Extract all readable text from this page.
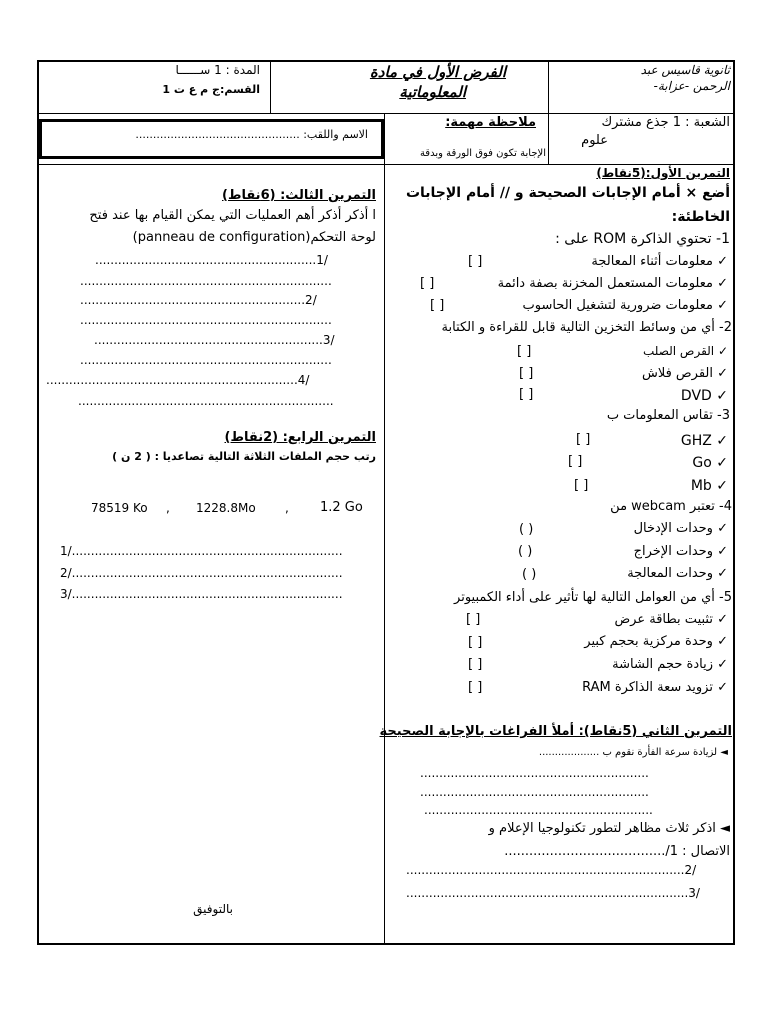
ثانوية قاسيس عبد
الرحمن -عزابة-
الفرض الأول في مادة
المعلوماتية
المدة : 1 ســــــا
القسم:ج م ع ت 1
الشعبة : 1 جذع مشترك
علوم
ملاحظة مهمة:
الإجابة تكون فوق الورقة وبدقة
الاسم واللقب: ...............................................
التمرين الأول:(5نقاط)
أضع × أمام الإجابات الصحيحة و ∕∕ أمام الإجابات
الخاطئة:
1- تحتوي الذاكرة ROM على :
✓ معلومات أثناء المعالجة
[ ]
✓ معلومات المستعمل المخزنة بصفة دائمة
[ ]
✓ معلومات ضرورية لتشغيل الحاسوب
[ ]
2- أي من وسائط التخزين التالية قابل للقراءة و الكتابة
✓ القرص الصلب
[ ]
✓ القرص فلاش
[ ]
✓ DVD
[ ]
3- تقاس المعلومات ب
✓ GHZ
[ ]
✓ Go
[ ]
✓ Mb
[ ]
4- تعتبر webcam من
✓ وحدات الإدخال
( )
✓ وحدات الإخراج
( )
✓ وحدات المعالجة
( )
5- أي من العوامل التالية لها تأثير على أداء الكمبيوتر
✓ تثبيت بطاقة عرض
[ ]
✓ وحدة مركزية بحجم كبير
[ ]
✓ زيادة حجم الشاشة
[ ]
✓ تزويد سعة الذاكرة RAM
[ ]
التمرين الثاني (5نقاط): أملأ الفراغات بالإجابة الصحيحة
◄ لزيادة سرعة الفأرة نقوم ب ...................
............................................................
............................................................
............................................................
◄ اذكر ثلاث مظاهر لتطور تكنولوجيا الإعلام و
الاتصال : 1/.......................................
.........................................................................2/
..........................................................................3/
التمرين الثالث: (6نقاط)
ا أذكر أذكر أهم العمليات التي يمكن القيام بها عند فتح
لوحة التحكم(panneau de configuration)
..........................................................1/
..................................................................
...........................................................2/
..................................................................
............................................................3/
..................................................................
..................................................................4/
...................................................................
التمرين الرابع: (2نقاط)
رتب حجم الملفات الثلاثة التالية تصاعديا : ( 2 ن )
78519 Ko , 1228.8Mo , 1.2 Go
1/.......................................................................
2/.......................................................................
3/.......................................................................
بالتوفيق
